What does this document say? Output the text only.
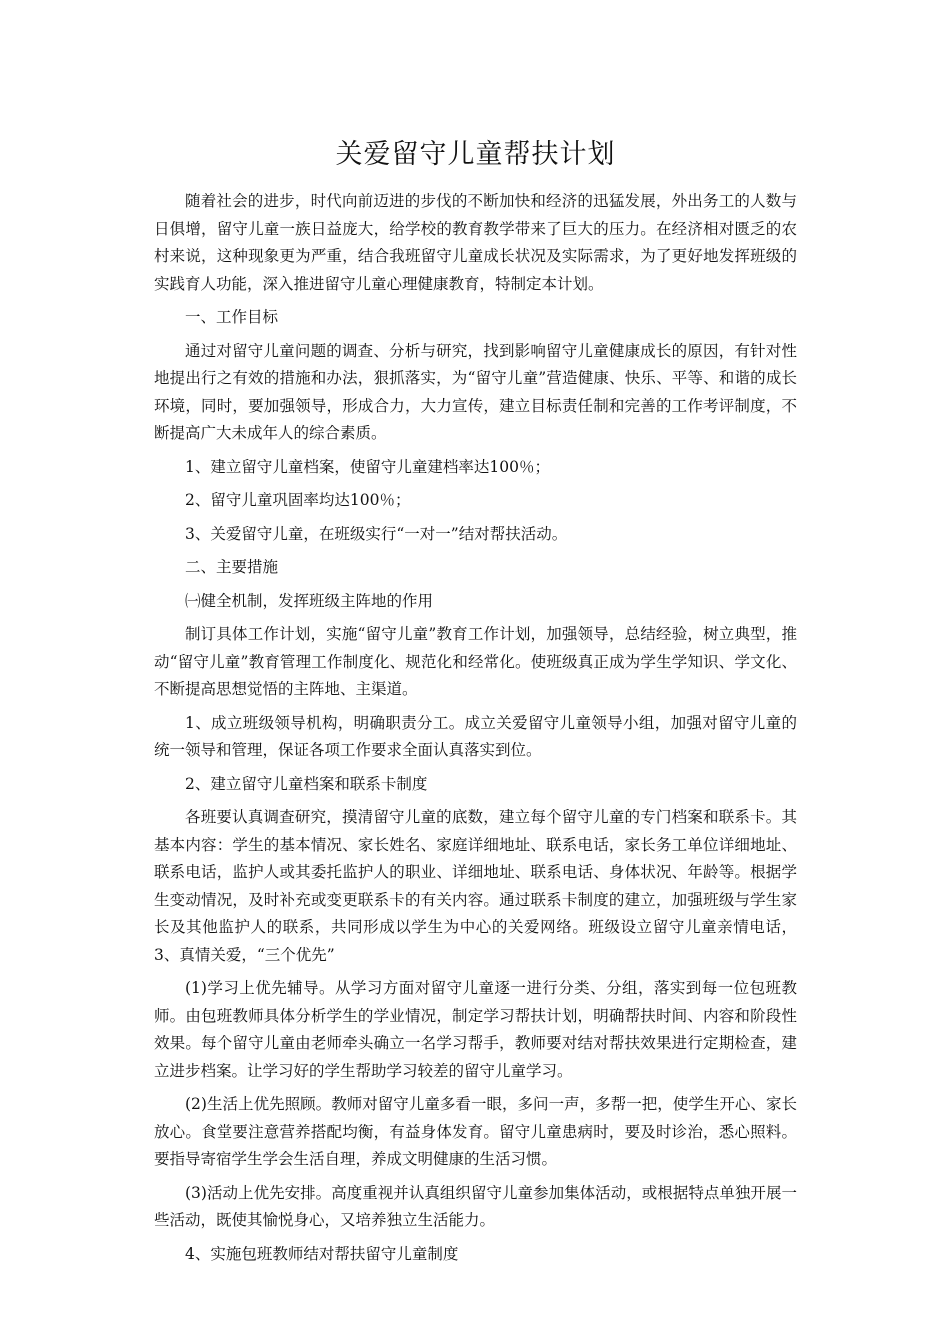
关爱留守儿童帮扶计划

随着社会的进步，时代向前迈进的步伐的不断加快和经济的迅猛发展，外出务工的人数与日俱增，留守儿童一族日益庞大，给学校的教育教学带来了巨大的压力。在经济相对匮乏的农村来说，这种现象更为严重，结合我班留守儿童成长状况及实际需求，为了更好地发挥班级的实践育人功能，深入推进留守儿童心理健康教育，特制定本计划。

一、工作目标

通过对留守儿童问题的调查、分析与研究，找到影响留守儿童健康成长的原因，有针对性地提出行之有效的措施和办法，狠抓落实，为“留守儿童”营造健康、快乐、平等、和谐的成长环境，同时，要加强领导，形成合力，大力宣传，建立目标责任制和完善的工作考评制度，不断提高广大未成年人的综合素质。

1、建立留守儿童档案，使留守儿童建档率达100％；

2、留守儿童巩固率均达100％；

3、关爱留守儿童，在班级实行“一对一”结对帮扶活动。

二、主要措施

㈠健全机制，发挥班级主阵地的作用

制订具体工作计划，实施“留守儿童”教育工作计划，加强领导，总结经验，树立典型，推动“留守儿童”教育管理工作制度化、规范化和经常化。使班级真正成为学生学知识、学文化、不断提高思想觉悟的主阵地、主渠道。

1、成立班级领导机构，明确职责分工。成立关爱留守儿童领导小组，加强对留守儿童的统一领导和管理，保证各项工作要求全面认真落实到位。

2、建立留守儿童档案和联系卡制度

各班要认真调查研究，摸清留守儿童的底数，建立每个留守儿童的专门档案和联系卡。其基本内容：学生的基本情况、家长姓名、家庭详细地址、联系电话，家长务工单位详细地址、联系电话，监护人或其委托监护人的职业、详细地址、联系电话、身体状况、年龄等。根据学生变动情况，及时补充或变更联系卡的有关内容。通过联系卡制度的建立，加强班级与学生家长及其他监护人的联系，共同形成以学生为中心的关爱网络。班级设立留守儿童亲情电话，3、真情关爱，“三个优先”

(1)学习上优先辅导。从学习方面对留守儿童逐一进行分类、分组，落实到每一位包班教师。由包班教师具体分析学生的学业情况，制定学习帮扶计划，明确帮扶时间、内容和阶段性效果。每个留守儿童由老师牵头确立一名学习帮手，教师要对结对帮扶效果进行定期检查，建立进步档案。让学习好的学生帮助学习较差的留守儿童学习。

(2)生活上优先照顾。教师对留守儿童多看一眼，多问一声，多帮一把，使学生开心、家长放心。食堂要注意营养搭配均衡，有益身体发育。留守儿童患病时，要及时诊治，悉心照料。要指导寄宿学生学会生活自理，养成文明健康的生活习惯。

(3)活动上优先安排。高度重视并认真组织留守儿童参加集体活动，或根据特点单独开展一些活动，既使其愉悦身心，又培养独立生活能力。

4、实施包班教师结对帮扶留守儿童制度
